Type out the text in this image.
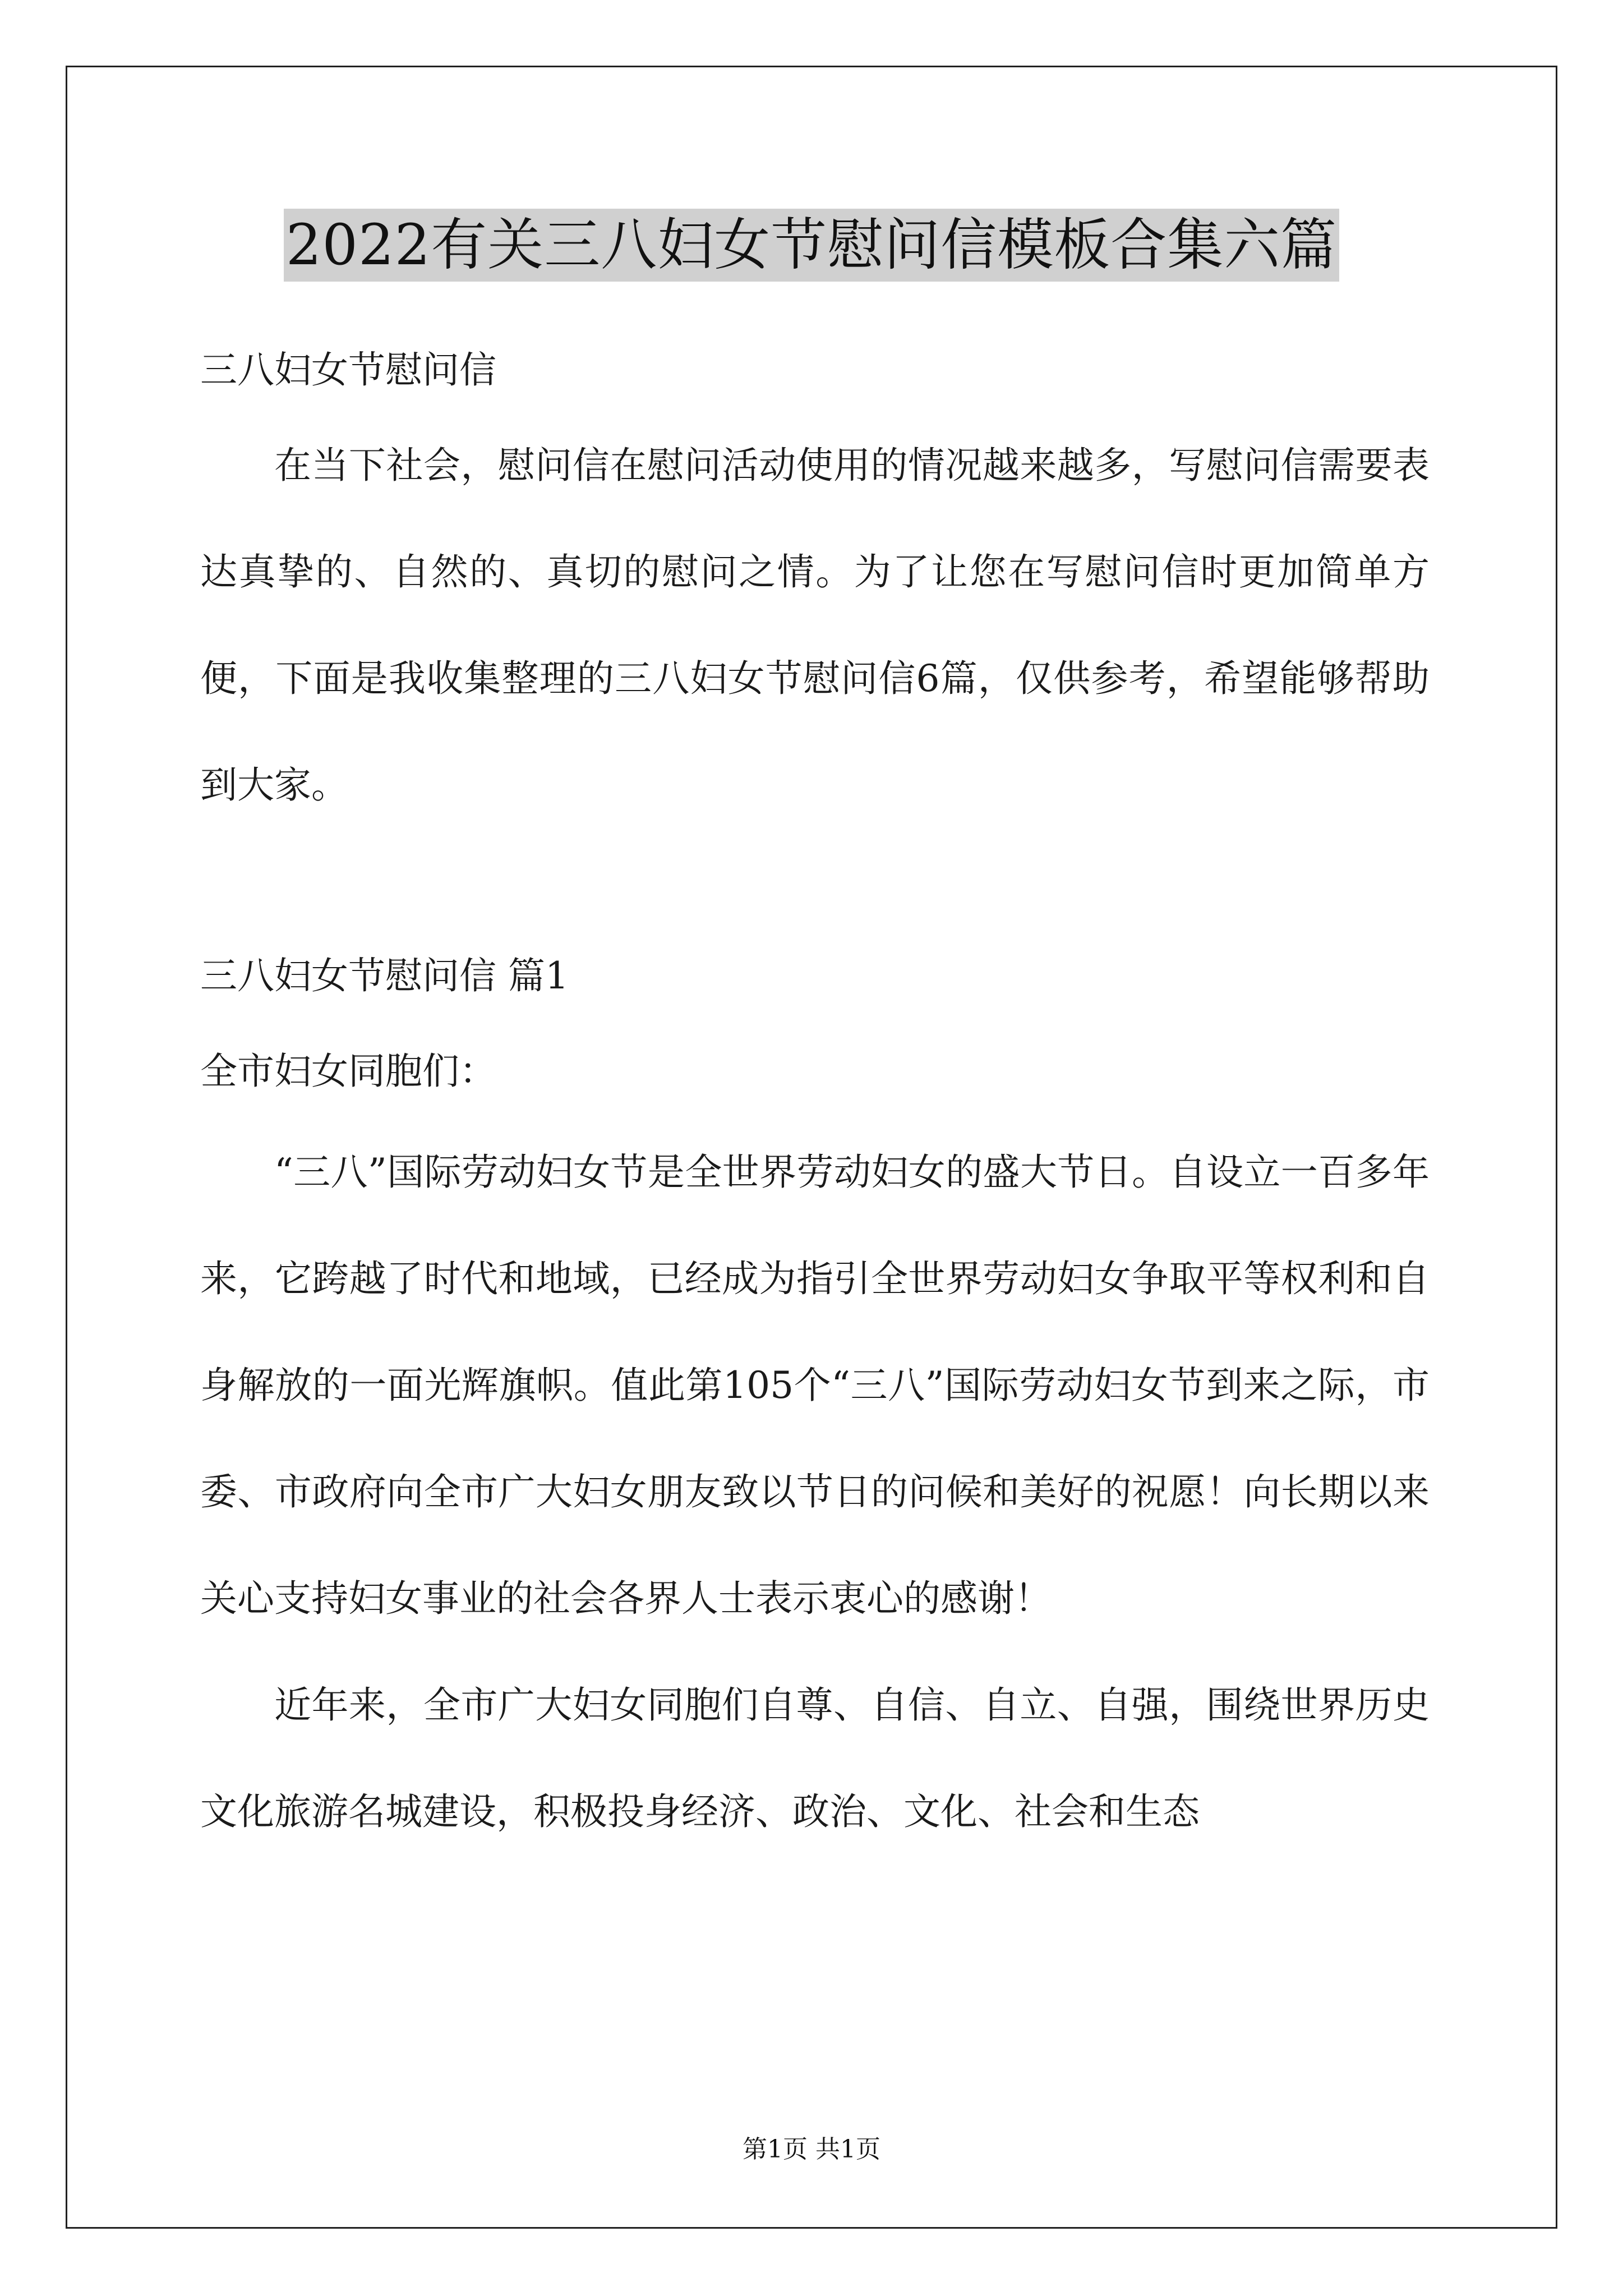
2022有关三八妇女节慰问信模板合集六篇

三八妇女节慰问信

在当下社会，慰问信在慰问活动使用的情况越来越多，写慰问信需要表达真挚的、自然的、真切的慰问之情。为了让您在写慰问信时更加简单方便，下面是我收集整理的三八妇女节慰问信6篇，仅供参考，希望能够帮助到大家。

三八妇女节慰问信 篇1

全市妇女同胞们：

“三八”国际劳动妇女节是全世界劳动妇女的盛大节日。自设立一百多年来，它跨越了时代和地域，已经成为指引全世界劳动妇女争取平等权利和自身解放的一面光辉旗帜。值此第105个“三八”国际劳动妇女节到来之际，市委、市政府向全市广大妇女朋友致以节日的问候和美好的祝愿！向长期以来关心支持妇女事业的社会各界人士表示衷心的感谢！

近年来，全市广大妇女同胞们自尊、自信、自立、自强，围绕世界历史文化旅游名城建设，积极投身经济、政治、文化、社会和生态

第1页 共1页
